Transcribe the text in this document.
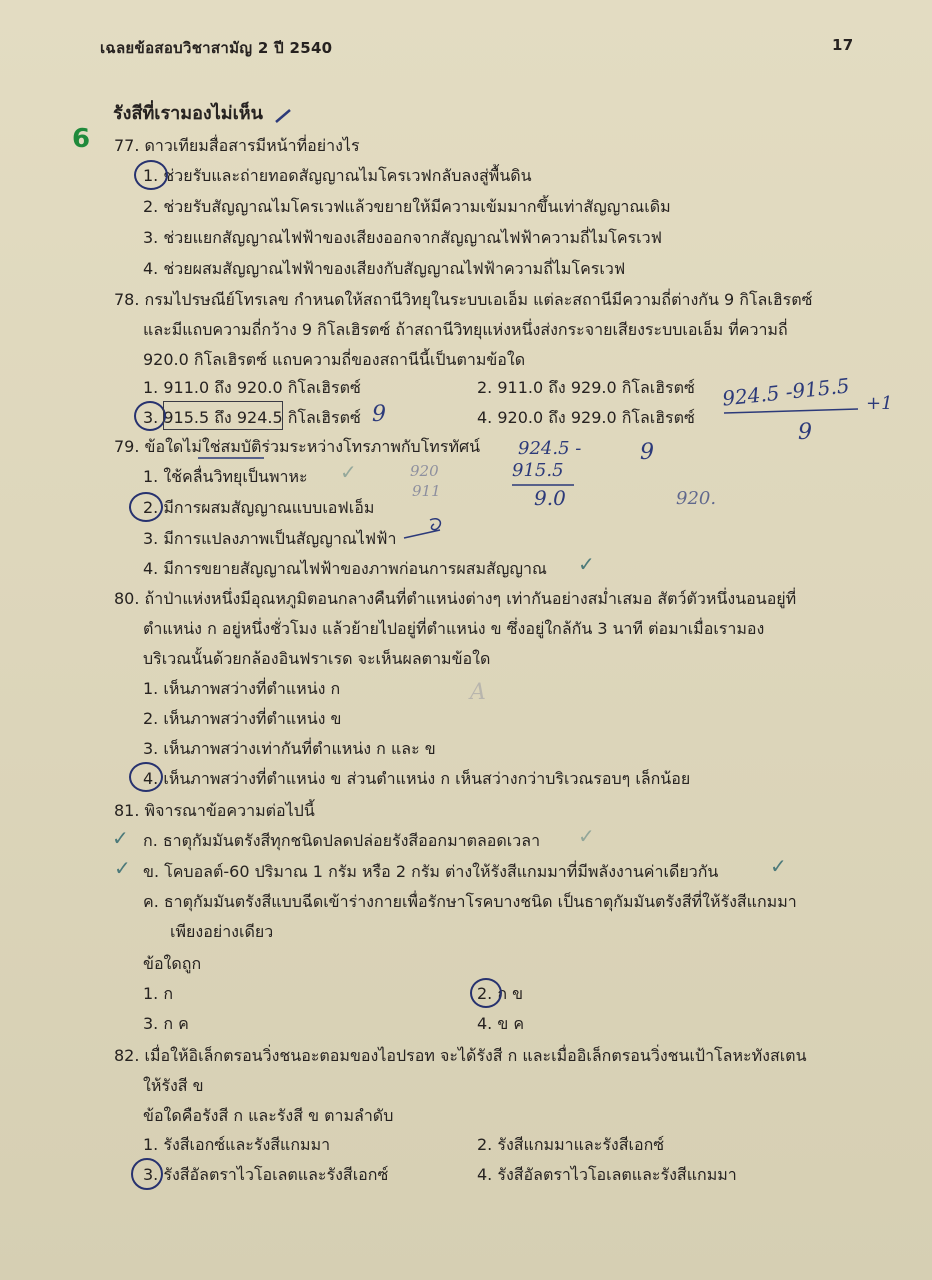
เฉลยข้อสอบวิชาสามัญ 2 ปี 2540	17
รังสีที่เรามองไม่เห็น
6 77. ดาวเทียมสื่อสารมีหน้าที่อย่างไร
1. ช่วยรับและถ่ายทอดสัญญาณไมโครเวฟกลับลงสู่พื้นดิน
2. ช่วยรับสัญญาณไมโครเวฟแล้วขยายให้มีความเข้มมากขึ้นเท่าสัญญาณเดิม
3. ช่วยแยกสัญญาณไฟฟ้าของเสียงออกจากสัญญาณไฟฟ้าความถี่ไมโครเวฟ
4. ช่วยผสมสัญญาณไฟฟ้าของเสียงกับสัญญาณไฟฟ้าความถี่ไมโครเวฟ
78. กรมไปรษณีย์โทรเลข กำหนดให้สถานีวิทยุในระบบเอเอ็ม แต่ละสถานีมีความถี่ต่างกัน 9 กิโลเฮิรตซ์
และมีแถบความถี่กว้าง 9 กิโลเฮิรตซ์ ถ้าสถานีวิทยุแห่งหนึ่งส่งกระจายเสียงระบบเอเอ็ม ที่ความถี่
920.0 กิโลเฮิรตซ์ แถบความถี่ของสถานีนี้เป็นตามข้อใด
1. 911.0 ถึง 920.0 กิโลเฮิรตซ์	2. 911.0 ถึง 929.0 กิโลเฮิรตซ์
3. 915.5 ถึง 924.5 กิโลเฮิรตซ์	4. 920.0 ถึง 929.0 กิโลเฮิรตซ์
9
924.5 -915.5 +1
9
79. ข้อใดไม่ใช่สมบัติร่วมระหว่างโทรภาพกับโทรทัศน์
1. ใช้คลื่นวิทยุเป็นพาหะ
2. มีการผสมสัญญาณแบบเอฟเอ็ม
3. มีการแปลงภาพเป็นสัญญาณไฟฟ้า
4. มีการขยายสัญญาณไฟฟ้าของภาพก่อนการผสมสัญญาณ
924.5 -
915.5
9.0
9
920.
920
911
✓
✓
80. ถ้าป่าแห่งหนึ่งมีอุณหภูมิตอนกลางคืนที่ตำแหน่งต่างๆ เท่ากันอย่างสม่ำเสมอ สัตว์ตัวหนึ่งนอนอยู่ที่
ตำแหน่ง ก อยู่หนึ่งชั่วโมง แล้วย้ายไปอยู่ที่ตำแหน่ง ข ซึ่งอยู่ใกล้กัน 3 นาที ต่อมาเมื่อเรามอง
บริเวณนั้นด้วยกล้องอินฟราเรด จะเห็นผลตามข้อใด
1. เห็นภาพสว่างที่ตำแหน่ง ก
2. เห็นภาพสว่างที่ตำแหน่ง ข
3. เห็นภาพสว่างเท่ากันที่ตำแหน่ง ก และ ข
4. เห็นภาพสว่างที่ตำแหน่ง ข ส่วนตำแหน่ง ก เห็นสว่างกว่าบริเวณรอบๆ เล็กน้อย
A
81. พิจารณาข้อความต่อไปนี้
ก. ธาตุกัมมันตรังสีทุกชนิดปลดปล่อยรังสีออกมาตลอดเวลา
ข. โคบอลต์-60 ปริมาณ 1 กรัม หรือ 2 กรัม ต่างให้รังสีแกมมาที่มีพลังงานค่าเดียวกัน
ค. ธาตุกัมมันตรังสีแบบฉีดเข้าร่างกายเพื่อรักษาโรคบางชนิด เป็นธาตุกัมมันตรังสีที่ให้รังสีแกมมา
เพียงอย่างเดียว
ข้อใดถูก
1. ก	2. ก ข
3. ก ค	4. ข ค
✓	✓
✓	✓
82. เมื่อให้อิเล็กตรอนวิ่งชนอะตอมของไอปรอท จะได้รังสี ก และเมื่ออิเล็กตรอนวิ่งชนเป้าโลหะทังสเตน
ให้รังสี ข
ข้อใดคือรังสี ก และรังสี ข ตามลำดับ
1. รังสีเอกซ์และรังสีแกมมา	2. รังสีแกมมาและรังสีเอกซ์
3. รังสีอัลตราไวโอเลตและรังสีเอกซ์	4. รังสีอัลตราไวโอเลตและรังสีแกมมา
